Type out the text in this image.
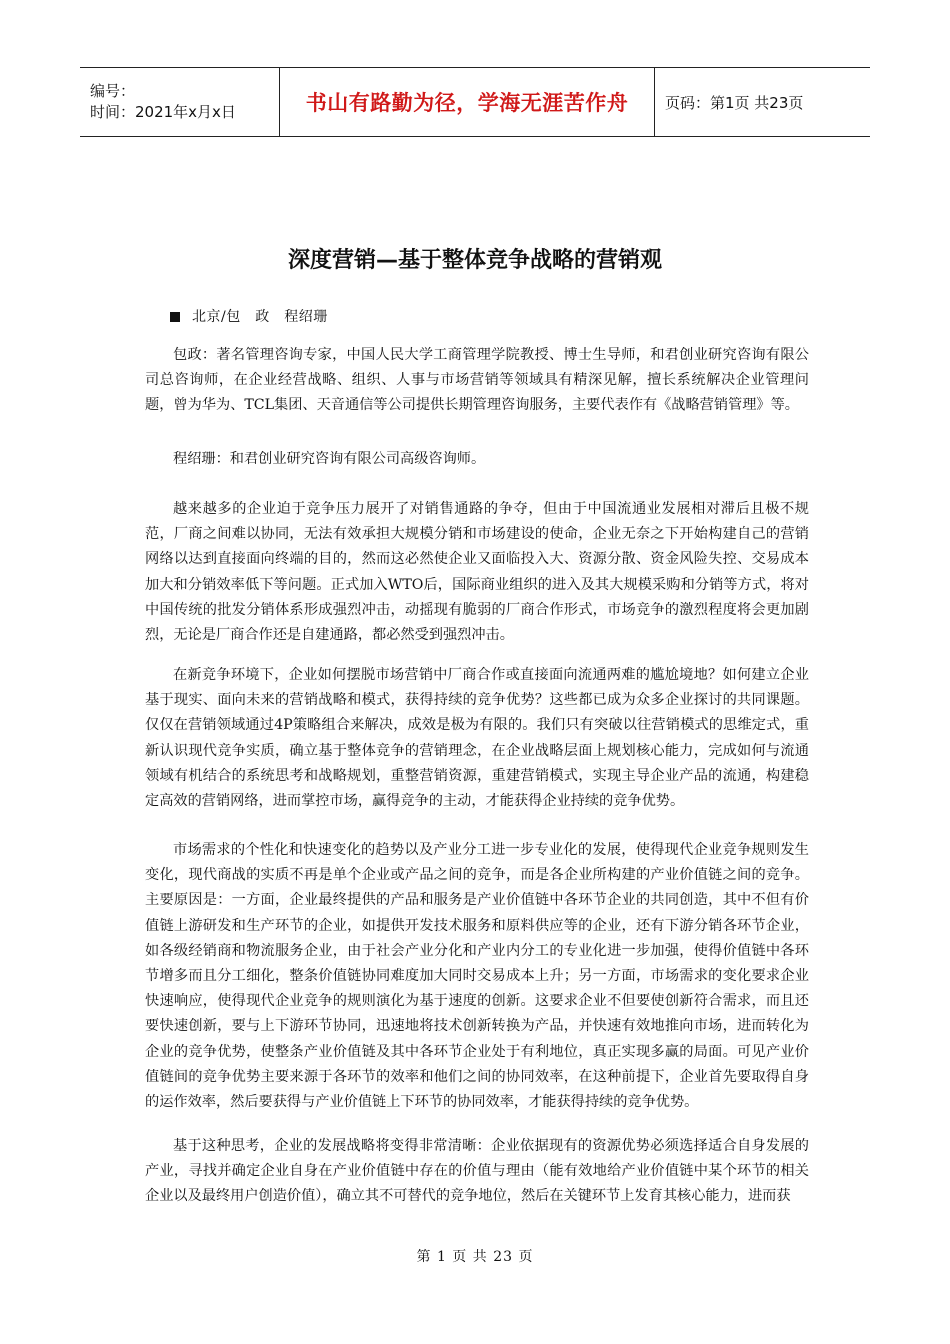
编号：
时间：2021年x月x日	书山有路勤为径，学海无涯苦作舟 页码：第1页 共23页
深度营销—基于整体竞争战略的营销观
北京/包　政　程绍珊

包政：著名管理咨询专家，中国人民大学工商管理学院教授、博士生导师，和君创业研究咨询有限公司总咨询师，在企业经营战略、组织、人事与市场营销等领域具有精深见解，擅长系统解决企业管理问题，曾为华为、TCL集团、天音通信等公司提供长期管理咨询服务，主要代表作有《战略营销管理》等。

程绍珊：和君创业研究咨询有限公司高级咨询师。

越来越多的企业迫于竞争压力展开了对销售通路的争夺，但由于中国流通业发展相对滞后且极不规范，厂商之间难以协同，无法有效承担大规模分销和市场建设的使命，企业无奈之下开始构建自己的营销网络以达到直接面向终端的目的，然而这必然使企业又面临投入大、资源分散、资金风险失控、交易成本加大和分销效率低下等问题。正式加入WTO后，国际商业组织的进入及其大规模采购和分销等方式，将对中国传统的批发分销体系形成强烈冲击，动摇现有脆弱的厂商合作形式，市场竞争的激烈程度将会更加剧烈，无论是厂商合作还是自建通路，都必然受到强烈冲击。

在新竞争环境下，企业如何摆脱市场营销中厂商合作或直接面向流通两难的尴尬境地？如何建立企业基于现实、面向未来的营销战略和模式，获得持续的竞争优势？这些都已成为众多企业探讨的共同课题。仅仅在营销领域通过4P策略组合来解决，成效是极为有限的。我们只有突破以往营销模式的思维定式，重新认识现代竞争实质，确立基于整体竞争的营销理念，在企业战略层面上规划核心能力，完成如何与流通领域有机结合的系统思考和战略规划，重整营销资源，重建营销模式，实现主导企业产品的流通，构建稳定高效的营销网络，进而掌控市场，赢得竞争的主动，才能获得企业持续的竞争优势。

市场需求的个性化和快速变化的趋势以及产业分工进一步专业化的发展，使得现代企业竞争规则发生变化，现代商战的实质不再是单个企业或产品之间的竞争，而是各企业所构建的产业价值链之间的竞争。主要原因是：一方面，企业最终提供的产品和服务是产业价值链中各环节企业的共同创造，其中不但有价值链上游研发和生产环节的企业，如提供开发技术服务和原料供应等的企业，还有下游分销各环节企业，如各级经销商和物流服务企业，由于社会产业分化和产业内分工的专业化进一步加强，使得价值链中各环节增多而且分工细化，整条价值链协同难度加大同时交易成本上升；另一方面，市场需求的变化要求企业快速响应，使得现代企业竞争的规则演化为基于速度的创新。这要求企业不但要使创新符合需求，而且还要快速创新，要与上下游环节协同，迅速地将技术创新转换为产品，并快速有效地推向市场，进而转化为企业的竞争优势，使整条产业价值链及其中各环节企业处于有利地位，真正实现多赢的局面。可见产业价值链间的竞争优势主要来源于各环节的效率和他们之间的协同效率，在这种前提下，企业首先要取得自身的运作效率，然后要获得与产业价值链上下环节的协同效率，才能获得持续的竞争优势。

基于这种思考，企业的发展战略将变得非常清晰：企业依据现有的资源优势必须选择适合自身发展的产业，寻找并确定企业自身在产业价值链中存在的价值与理由（能有效地给产业价值链中某个环节的相关企业以及最终用户创造价值），确立其不可替代的竞争地位，然后在关键环节上发育其核心能力，进而获

第 1 页 共 23 页
